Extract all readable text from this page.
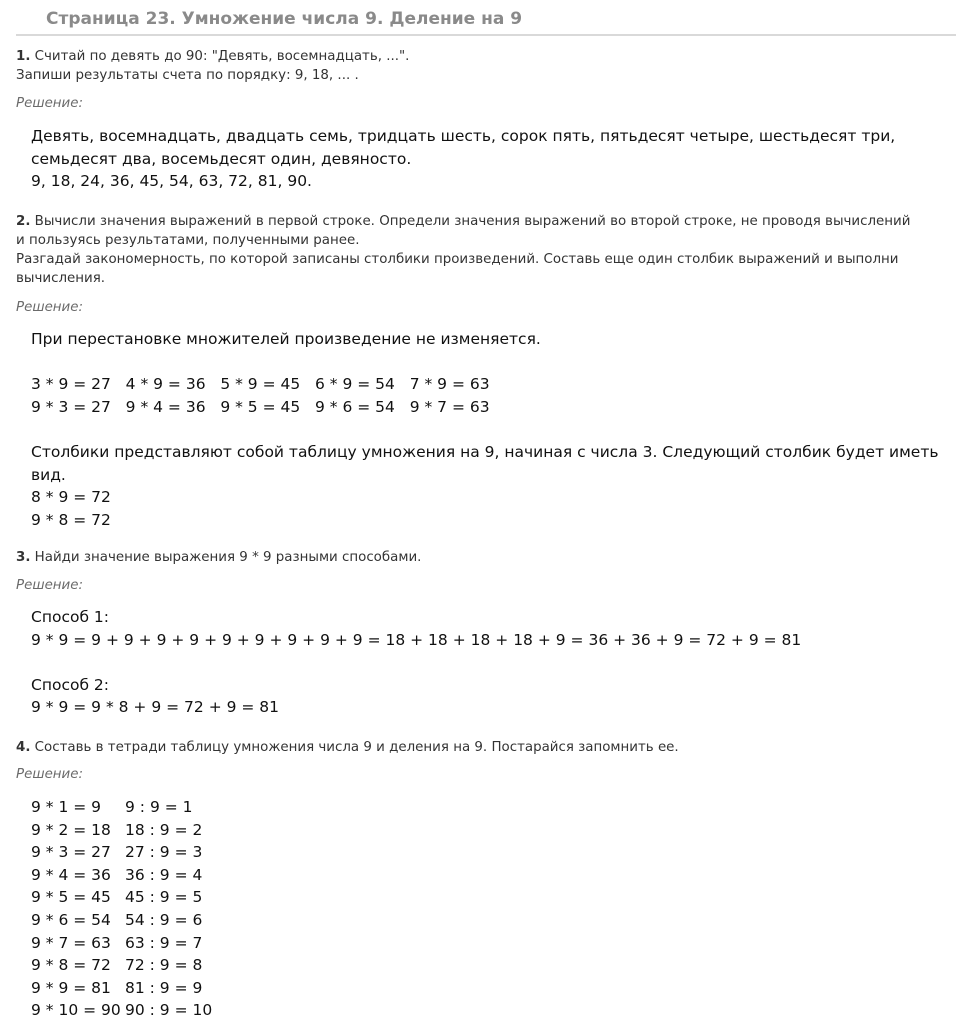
Страница 23. Умножение числа 9. Деление на 9
1. Считай по девять до 90: "Девять, восемнадцать, ...".
Запиши результаты счета по порядку: 9, 18, ... .
Решение:
Девять, восемнадцать, двадцать семь, тридцать шесть, сорок пять, пятьдесят четыре, шестьдесят три,
семьдесят два, восемьдесят один, девяносто.
9, 18, 24, 36, 45, 54, 63, 72, 81, 90.
2. Вычисли значения выражений в первой строке. Определи значения выражений во второй строке, не проводя вычислений
и пользуясь результатами, полученными ранее.
Разгадай закономерность, по которой записаны столбики произведений. Составь еще один столбик выражений и выполни
вычисления.
Решение:
При перестановке множителей произведение не изменяется.
3 * 9 = 27   4 * 9 = 36   5 * 9 = 45   6 * 9 = 54   7 * 9 = 63
9 * 3 = 27   9 * 4 = 36   9 * 5 = 45   9 * 6 = 54   9 * 7 = 63
Столбики представляют собой таблицу умножения на 9, начиная с числа 3. Следующий столбик будет иметь
вид.
8 * 9 = 72
9 * 8 = 72
3. Найди значение выражения 9 * 9 разными способами.
Решение:
Способ 1:
9 * 9 = 9 + 9 + 9 + 9 + 9 + 9 + 9 + 9 + 9 = 18 + 18 + 18 + 18 + 9 = 36 + 36 + 9 = 72 + 9 = 81
Способ 2:
9 * 9 = 9 * 8 + 9 = 72 + 9 = 81
4. Составь в тетради таблицу умножения числа 9 и деления на 9. Постарайся запомнить ее.
Решение:
9 * 1 = 9	9 : 9 = 1
9 * 2 = 18 18 : 9 = 2
9 * 3 = 27 27 : 9 = 3
9 * 4 = 36 36 : 9 = 4
9 * 5 = 45 45 : 9 = 5
9 * 6 = 54 54 : 9 = 6
9 * 7 = 63 63 : 9 = 7
9 * 8 = 72 72 : 9 = 8
9 * 9 = 81 81 : 9 = 9
9 * 10 = 90 90 : 9 = 10
